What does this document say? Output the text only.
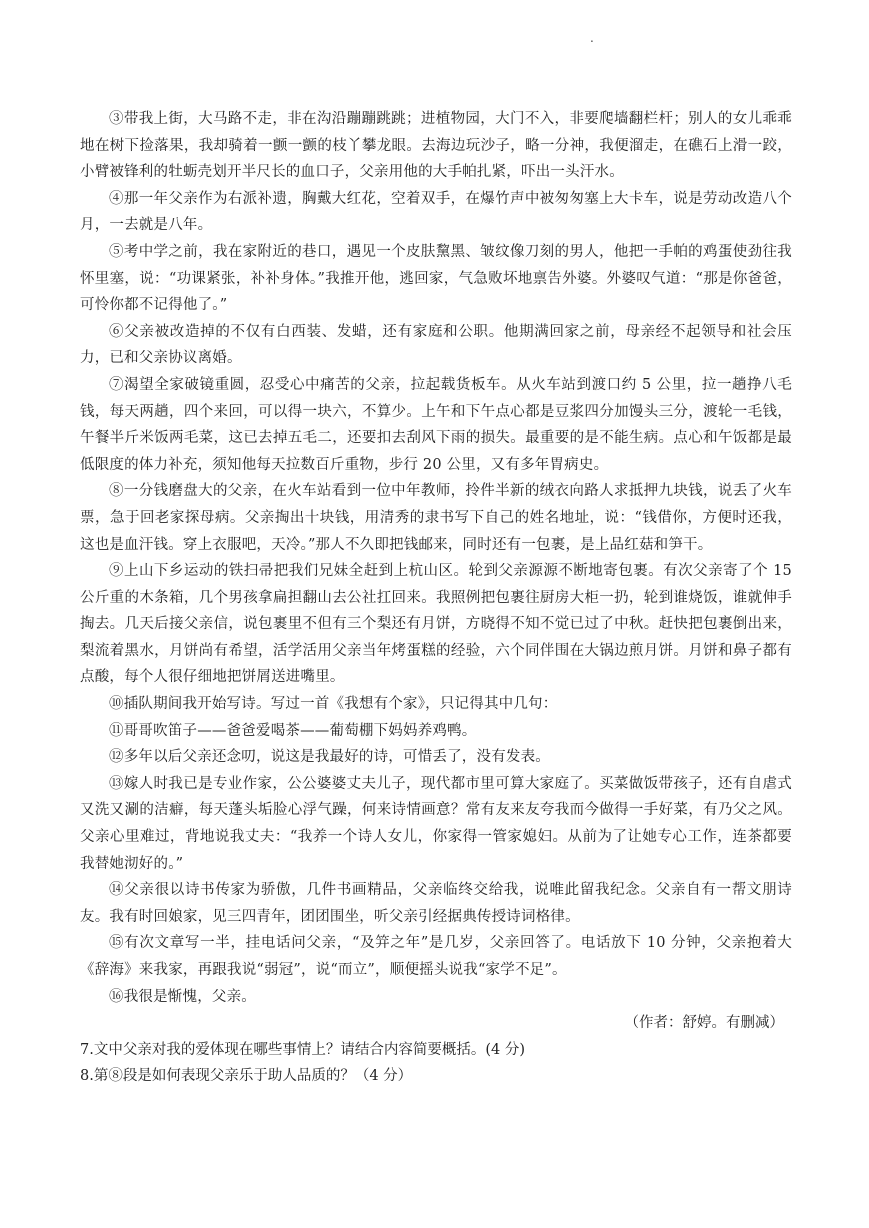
.

③带我上街，大马路不走，非在沟沿蹦蹦跳跳；进植物园，大门不入，非要爬墙翻栏杆；别人的女儿乖乖地在树下捡落果，我却骑着一颤一颤的枝丫攀龙眼。去海边玩沙子，略一分神，我便溜走，在礁石上滑一跤，小臂被锋利的牡蛎壳划开半尺长的血口子，父亲用他的大手帕扎紧，吓出一头汗水。

④那一年父亲作为右派补遗，胸戴大红花，空着双手，在爆竹声中被匆匆塞上大卡车，说是劳动改造八个月，一去就是八年。

⑤考中学之前，我在家附近的巷口，遇见一个皮肤黧黑、皱纹像刀刻的男人，他把一手帕的鸡蛋使劲往我怀里塞，说：“功课紧张，补补身体。”我推开他，逃回家，气急败坏地禀告外婆。外婆叹气道：“那是你爸爸，可怜你都不记得他了。”

⑥父亲被改造掉的不仅有白西装、发蜡，还有家庭和公职。他期满回家之前，母亲经不起领导和社会压力，已和父亲协议离婚。

⑦渴望全家破镜重圆，忍受心中痛苦的父亲，拉起载货板车。从火车站到渡口约 5 公里，拉一趟挣八毛钱，每天两趟，四个来回，可以得一块六，不算少。上午和下午点心都是豆浆四分加馒头三分，渡轮一毛钱，午餐半斤米饭两毛菜，这已去掉五毛二，还要扣去刮风下雨的损失。最重要的是不能生病。点心和午饭都是最低限度的体力补充，须知他每天拉数百斤重物，步行 20 公里，又有多年胃病史。

⑧一分钱磨盘大的父亲，在火车站看到一位中年教师，拎件半新的绒衣向路人求抵押九块钱，说丢了火车票，急于回老家探母病。父亲掏出十块钱，用清秀的隶书写下自己的姓名地址，说：“钱借你，方便时还我，这也是血汗钱。穿上衣服吧，天冷。”那人不久即把钱邮来，同时还有一包裹，是上品红菇和笋干。

⑨上山下乡运动的铁扫帚把我们兄妹全赶到上杭山区。轮到父亲源源不断地寄包裹。有次父亲寄了个 15 公斤重的木条箱，几个男孩拿扁担翻山去公社扛回来。我照例把包裹往厨房大柜一扔，轮到谁烧饭，谁就伸手掏去。几天后接父亲信，说包裹里不但有三个梨还有月饼，方晓得不知不觉已过了中秋。赶快把包裹倒出来，梨流着黑水，月饼尚有希望，活学活用父亲当年烤蛋糕的经验，六个同伴围在大锅边煎月饼。月饼和鼻子都有点酸，每个人很仔细地把饼屑送进嘴里。

⑩插队期间我开始写诗。写过一首《我想有个家》，只记得其中几句：

⑪哥哥吹笛子——爸爸爱喝茶——葡萄棚下妈妈养鸡鸭。

⑫多年以后父亲还念叨，说这是我最好的诗，可惜丢了，没有发表。

⑬嫁人时我已是专业作家，公公婆婆丈夫儿子，现代都市里可算大家庭了。买菜做饭带孩子，还有自虐式又洗又涮的洁癖，每天蓬头垢脸心浮气躁，何来诗情画意？常有友来友夸我而今做得一手好菜，有乃父之风。父亲心里难过，背地说我丈夫：“我养一个诗人女儿，你家得一管家媳妇。从前为了让她专心工作，连茶都要我替她沏好的。”

⑭父亲很以诗书传家为骄傲，几件书画精品，父亲临终交给我，说唯此留我纪念。父亲自有一帮文朋诗友。我有时回娘家，见三四青年，团团围坐，听父亲引经据典传授诗词格律。

⑮有次文章写一半，挂电话问父亲，“及笄之年”是几岁，父亲回答了。电话放下 10 分钟，父亲抱着大《辞海》来我家，再跟我说“弱冠”，说“而立”，顺便摇头说我“家学不足”。

⑯我很是惭愧，父亲。

（作者：舒婷。有删减）

7.文中父亲对我的爱体现在哪些事情上？请结合内容简要概括。(4 分)

8.第⑧段是如何表现父亲乐于助人品质的？（4 分）
